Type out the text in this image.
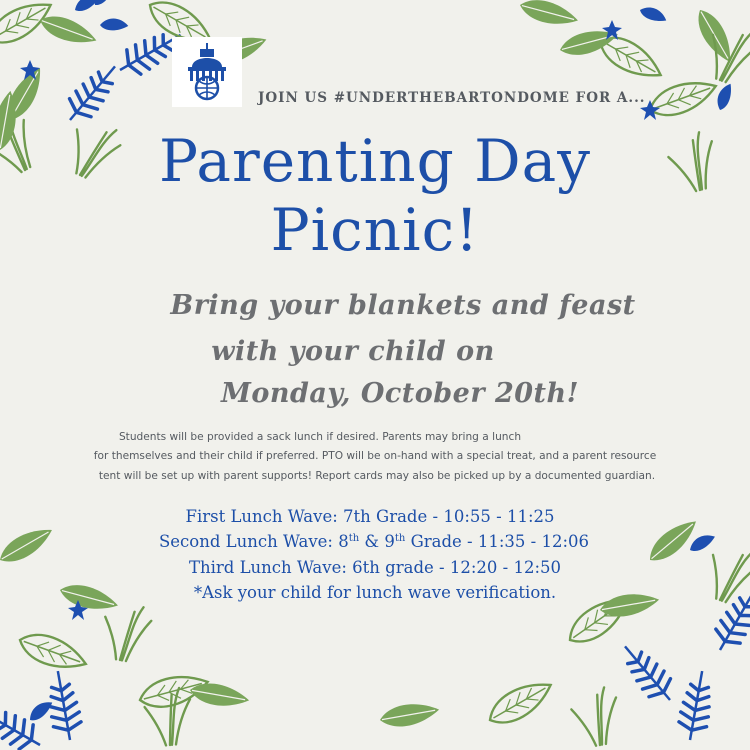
JOIN US #UNDERTHEBARTONDOME FOR A...
Parenting Day
Picnic!
Bring your blankets and feast
with your child on
Monday, October 20th!
Students will be provided a sack lunch if desired. Parents may bring a lunch
for themselves and their child if preferred. PTO will be on-hand with a special treat, and a parent resource
tent will be set up with parent supports! Report cards may also be picked up by a documented guardian.
First Lunch Wave: 7th Grade - 10:55 - 11:25
Second Lunch Wave: 8th & 9th Grade - 11:35 - 12:06
Third Lunch Wave: 6th grade - 12:20 - 12:50
*Ask your child for lunch wave verification.
